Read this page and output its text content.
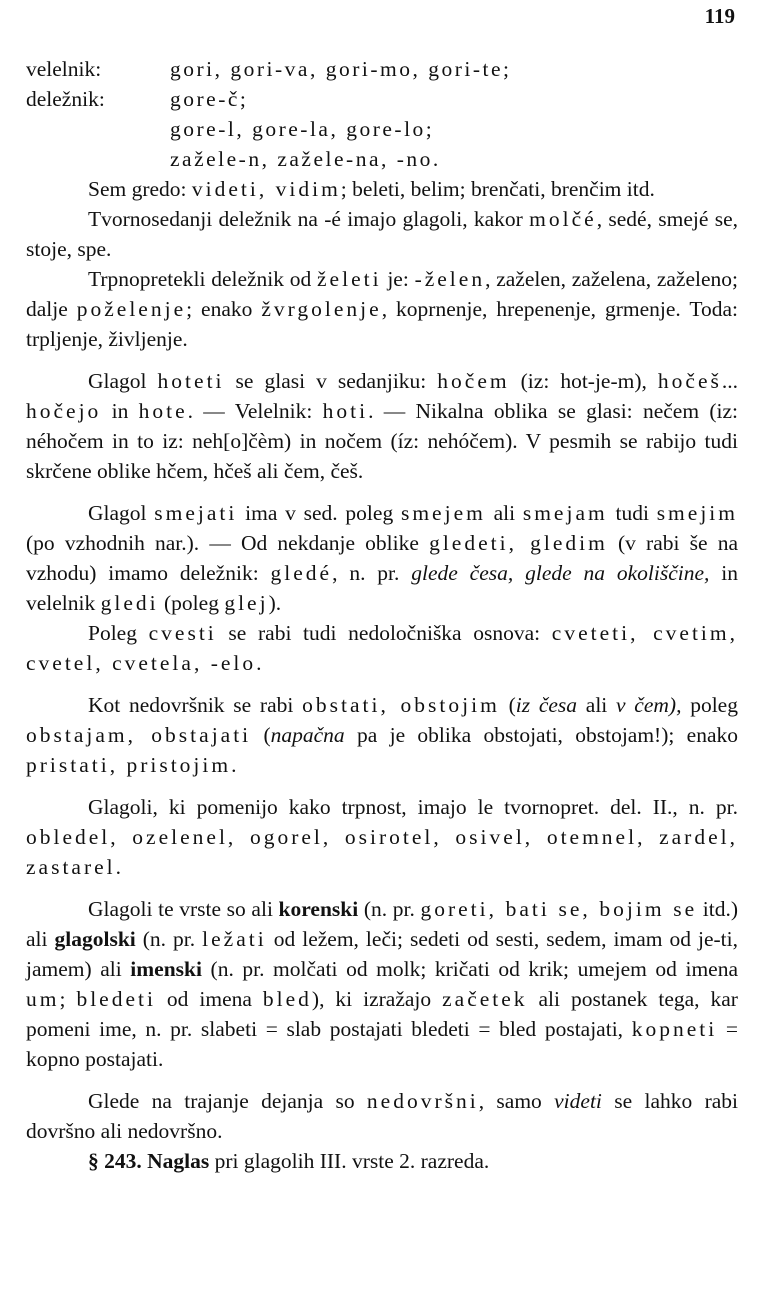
119
velelnik:	gori, gori-va, gori-mo, gori-te;
deležnik:	gore-č;
gore-l, gore-la, gore-lo;
zažele-n, zažele-na, -no.

Sem gredo: videti, vidim; beleti, belim; brenčati, brenčim itd.

Tvornosedanji deležnik na -é imajo glagoli, kakor molčé, sedé, smejé se, stoje, spe.

Trpnopretekli deležnik od želeti je: -želen, zaželen, zaželena, zaželeno; dalje poželenje; enako žvrgolenje, koprnenje, hrepenenje, grmenje. Toda: trpljenje, življenje.

Glagol hoteti se glasi v sedanjiku: hočem (iz: hot-je-m), hočeš... hočejo in hote. — Velelnik: hoti. — Nikalna oblika se glasi: nečem (iz: néhočem in to iz: neh[o]čèm) in nočem (íz: nehóčem). V pesmih se rabijo tudi skrčene oblike hčem, hčeš ali čem, češ.

Glagol smejati ima v sed. poleg smejem ali smejam tudi smejim (po vzhodnih nar.). — Od nekdanje oblike gledeti, gledim (v rabi še na vzhodu) imamo deležnik: gledé, n. pr. glede česa, glede na okoliščine, in velelnik gledi (poleg glej).

Poleg cvesti se rabi tudi nedoločniška osnova: cveteti, cvetim, cvetel, cvetela, -elo.

Kot nedovršnik se rabi obstati, obstojim (iz česa ali v čem), poleg obstajam, obstajati (napačna pa je oblika obstojati, obstojam!); enako pristati, pristojim.

Glagoli, ki pomenijo kako trpnost, imajo le tvornopret. del. II., n. pr. obledel, ozelenel, ogorel, osirotel, osivel, otemnel, zardel, zastarel.

Glagoli te vrste so ali korenski (n. pr. goreti, bati se, bojim se itd.) ali glagolski (n. pr. ležati od ležem, leči; sedeti od sesti, sedem, imam od je-ti, jamem) ali imenski (n. pr. molčati od molk; kričati od krik; umejem od imena um; bledeti od imena bled), ki izražajo začetek ali postanek tega, kar pomeni ime, n. pr. slabeti = slab postajati bledeti = bled postajati, kopneti = kopno postajati.

Glede na trajanje dejanja so nedovršni, samo videti se lahko rabi dovršno ali nedovršno.

§ 243. Naglas pri glagolih III. vrste 2. razreda.
